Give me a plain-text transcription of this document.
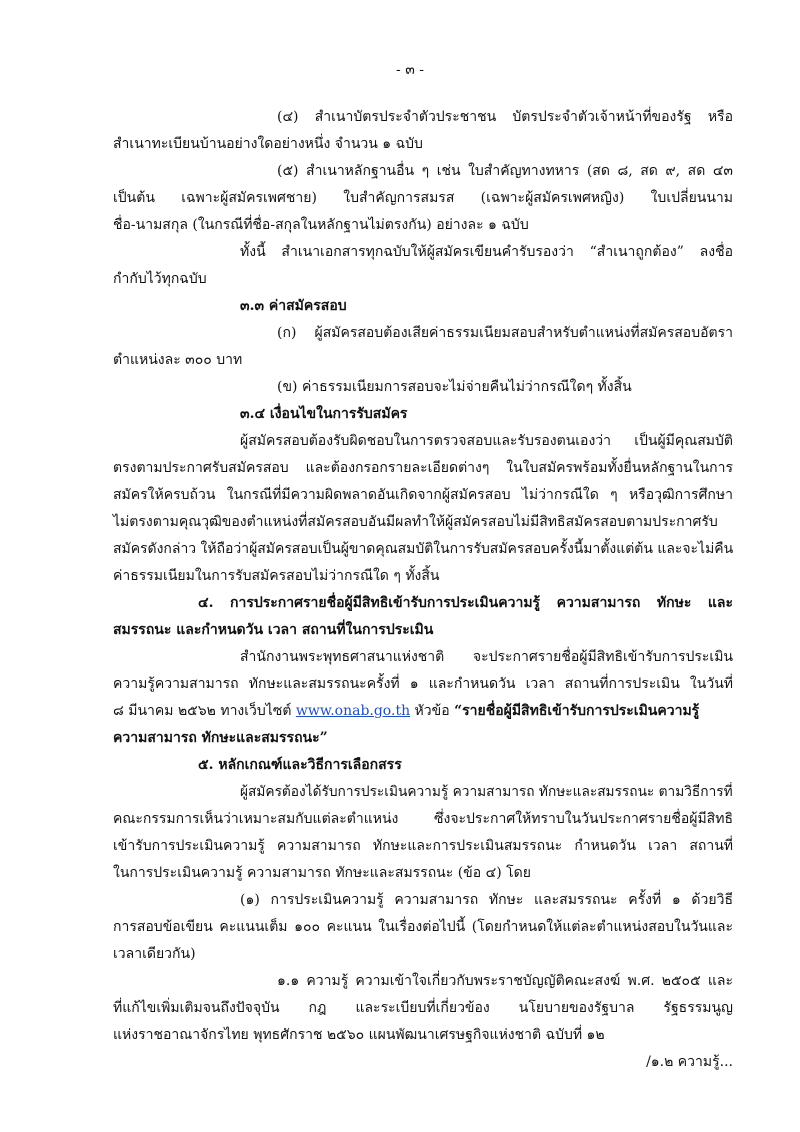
- ๓ -
(๔) สำเนาบัตรประจำตัวประชาชน บัตรประจำตัวเจ้าหน้าที่ของรัฐ หรือ
สำเนาทะเบียนบ้านอย่างใดอย่างหนึ่ง จำนวน ๑ ฉบับ
(๕) สำเนาหลักฐานอื่น ๆ เช่น ใบสำคัญทางทหาร (สด ๘, สด ๙, สด ๔๓
เป็นต้น เฉพาะผู้สมัครเพศชาย) ใบสำคัญการสมรส (เฉพาะผู้สมัครเพศหญิง) ใบเปลี่ยนนาม
ชื่อ-นามสกุล (ในกรณีที่ชื่อ-สกุลในหลักฐานไม่ตรงกัน) อย่างละ ๑ ฉบับ
ทั้งนี้ สำเนาเอกสารทุกฉบับให้ผู้สมัครเขียนคำรับรองว่า “สำเนาถูกต้อง” ลงชื่อ
กำกับไว้ทุกฉบับ
๓.๓ ค่าสมัครสอบ
(ก) ผู้สมัครสอบต้องเสียค่าธรรมเนียมสอบสำหรับตำแหน่งที่สมัครสอบอัตรา
ตำแหน่งละ ๓๐๐ บาท
(ข) ค่าธรรมเนียมการสอบจะไม่จ่ายคืนไม่ว่ากรณีใดๆ ทั้งสิ้น
๓.๔ เงื่อนไขในการรับสมัคร
ผู้สมัครสอบต้องรับผิดชอบในการตรวจสอบและรับรองตนเองว่า เป็นผู้มีคุณสมบัติ
ตรงตามประกาศรับสมัครสอบ และต้องกรอกรายละเอียดต่างๆ ในใบสมัครพร้อมทั้งยื่นหลักฐานในการ
สมัครให้ครบถ้วน ในกรณีที่มีความผิดพลาดอันเกิดจากผู้สมัครสอบ ไม่ว่ากรณีใด ๆ หรือวุฒิการศึกษา
ไม่ตรงตามคุณวุฒิของตำแหน่งที่สมัครสอบอันมีผลทำให้ผู้สมัครสอบไม่มีสิทธิสมัครสอบตามประกาศรับ
สมัครดังกล่าว ให้ถือว่าผู้สมัครสอบเป็นผู้ขาดคุณสมบัติในการรับสมัครสอบครั้งนี้มาตั้งแต่ต้น และจะไม่คืน
ค่าธรรมเนียมในการรับสมัครสอบไม่ว่ากรณีใด ๆ ทั้งสิ้น
๔. การประกาศรายชื่อผู้มีสิทธิเข้ารับการประเมินความรู้ ความสามารถ ทักษะ และ
สมรรถนะ และกำหนดวัน เวลา สถานที่ในการประเมิน
สำนักงานพระพุทธศาสนาแห่งชาติ จะประกาศรายชื่อผู้มีสิทธิเข้ารับการประเมิน
ความรู้ความสามารถ ทักษะและสมรรถนะครั้งที่ ๑ และกำหนดวัน เวลา สถานที่การประเมิน ในวันที่
๘ มีนาคม ๒๕๖๒ ทางเว็บไซต์ www.onab.go.th หัวข้อ “รายชื่อผู้มีสิทธิเข้ารับการประเมินความรู้
ความสามารถ ทักษะและสมรรถนะ”
๕. หลักเกณฑ์และวิธีการเลือกสรร
ผู้สมัครต้องได้รับการประเมินความรู้ ความสามารถ ทักษะและสมรรถนะ ตามวิธีการที่
คณะกรรมการเห็นว่าเหมาะสมกับแต่ละตำแหน่ง ซึ่งจะประกาศให้ทราบในวันประกาศรายชื่อผู้มีสิทธิ
เข้ารับการประเมินความรู้ ความสามารถ ทักษะและการประเมินสมรรถนะ กำหนดวัน เวลา สถานที่
ในการประเมินความรู้ ความสามารถ ทักษะและสมรรถนะ (ข้อ ๔) โดย
(๑) การประเมินความรู้ ความสามารถ ทักษะ และสมรรถนะ ครั้งที่ ๑ ด้วยวิธี
การสอบข้อเขียน คะแนนเต็ม ๑๐๐ คะแนน ในเรื่องต่อไปนี้ (โดยกำหนดให้แต่ละตำแหน่งสอบในวันและ
เวลาเดียวกัน)
๑.๑ ความรู้ ความเข้าใจเกี่ยวกับพระราชบัญญัติคณะสงฆ์ พ.ศ. ๒๕๐๕ และ
ที่แก้ไขเพิ่มเติมจนถึงปัจจุบัน กฎ และระเบียบที่เกี่ยวข้อง นโยบายของรัฐบาล รัฐธรรมนูญ
แห่งราชอาณาจักรไทย พุทธศักราช ๒๕๖๐ แผนพัฒนาเศรษฐกิจแห่งชาติ ฉบับที่ ๑๒
/๑.๒ ความรู้...
